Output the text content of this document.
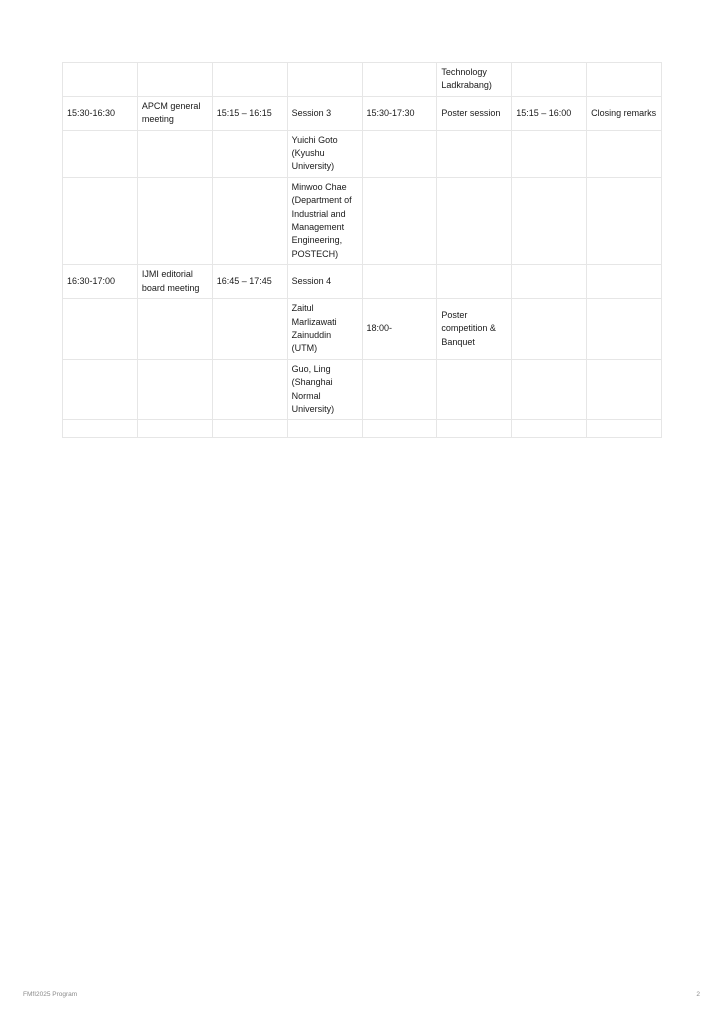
					Technology Ladkrabang)		
15:30-16:30	APCM general meeting	15:15 – 16:15	Session 3	15:30-17:30	Poster session	15:15 – 16:00	Closing remarks
			Yuichi Goto (Kyushu University)				
			Minwoo Chae (Department of Industrial and Management Engineering, POSTECH)				
16:30-17:00	IJMI editorial board meeting	16:45 – 17:45	Session 4				
			Zaitul Marlizawati Zainuddin (UTM)	18:00-	Poster competition & Banquet		
			Guo, Ling (Shanghai Normal University)				

FMfI2025 Program	2
